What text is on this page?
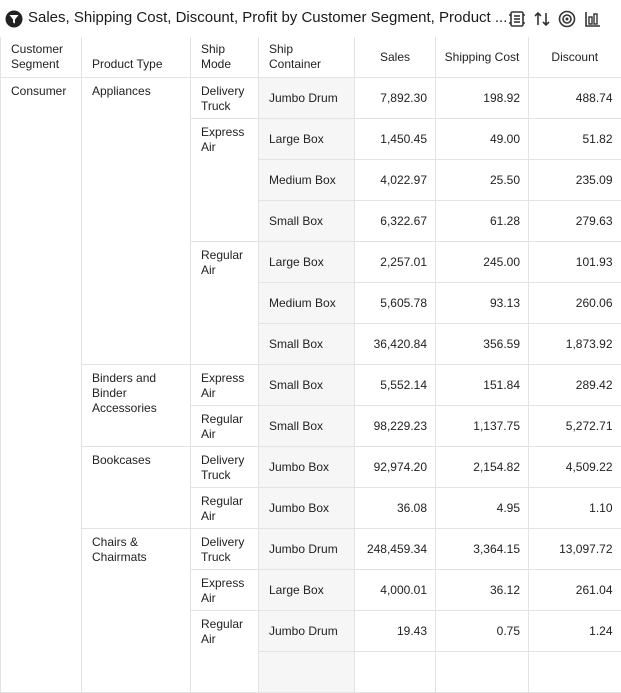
Sales, Shipping Cost, Discount, Profit by Customer Segment, Product ...
Customer Segment	Product Type	Ship Mode	Ship Container	Sales	Shipping Cost	Discount

Consumer	Appliances	Delivery Truck	Jumbo Drum	7,892.30	198.92	488.74

		Express Air	Large Box	1,450.45	49.00	51.82
			Medium Box	4,022.97	25.50	235.09
			Small Box	6,322.67	61.28	279.63

		Regular Air	Large Box	2,257.01	245.00	101.93
			Medium Box	5,605.78	93.13	260.06
			Small Box	36,420.84	356.59	1,873.92

	Binders and Binder Accessories	Express Air	Small Box	5,552.14	151.84	289.42

		Regular Air	Small Box	98,229.23	1,137.75	5,272.71

	Bookcases	Delivery Truck	Jumbo Box	92,974.20	2,154.82	4,509.22

		Regular Air	Jumbo Box	36.08	4.95	1.10

	Chairs & Chairmats	Delivery Truck	Jumbo Drum	248,459.34	3,364.15	13,097.72

		Express Air	Large Box	4,000.01	36.12	261.04

		Regular Air	Jumbo Drum	19.43	0.75	1.24
